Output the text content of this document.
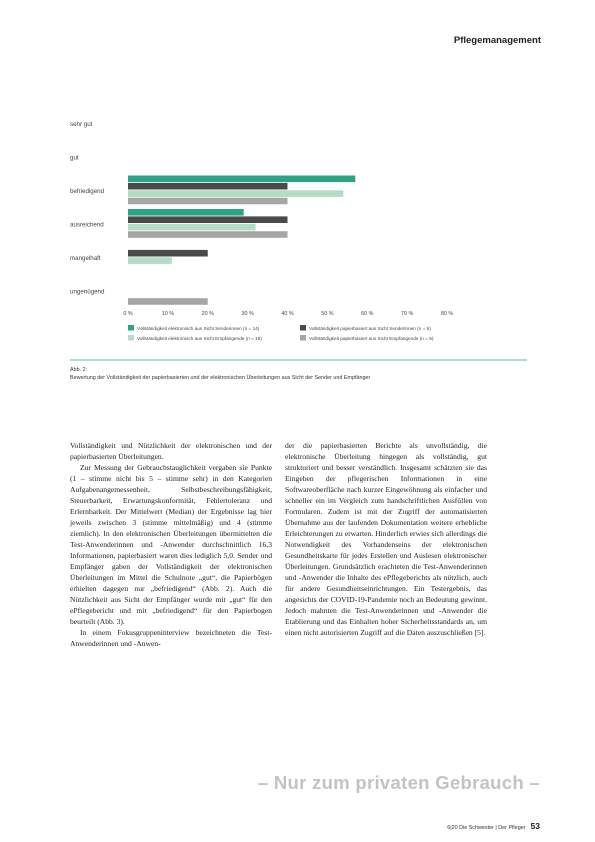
Pflegemanagement
sehr gut
gut
befriedigend
ausreichend
mangelhaft
ungenügend
0 %	10 %	20 %	30 %	40 %	50 %	60 %	70 %	80 %
Vollständigkeit elektronisch aus Sicht Senderinnen (n = 14)	Vollständigkeit papierbasiert aus Sicht Senderinnen (n = 5)
Vollständigkeit elektronisch aus Sicht Empfangende (n = 19)	Vollständigkeit papierbasiert aus Sicht Empfangende (n = 5)
Abb. 2:
Bewertung der Vollständigkeit der papierbasierten und der elektronischen Überleitungen aus Sicht der Sender und Empfänger

Vollständigkeit und Nützlichkeit der elektronischen und der papierbasierten Überleitungen.

Zur Messung der Gebrauchstauglichkeit vergaben sie Punkte (1 – stimme nicht bis 5 – stimme sehr) in den Kategorien Aufgabenangemessenheit, Selbstbeschreibungsfähigkeit, Steuerbarkeit, Erwartungskonformität, Fehlertoleranz und Erlernbarkeit. Der Mittelwert (Median) der Ergebnisse lag hier jeweils zwischen 3 (stimme mittelmäßig) und 4 (stimme ziemlich). In den elektronischen Überleitungen übermittelten die Test-Anwenderinnen und -Anwender durchschnittlich 16,3 Informationen, papierbasiert waren dies lediglich 5,0. Sender und Empfänger gaben der Vollständigkeit der elektronischen Überleitungen im Mittel die Schulnote „gut“, die Papierbögen erhielten dagegen nur „befriedigend“ (Abb. 2). Auch die Nützlichkeit aus Sicht der Empfänger wurde mit „gut“ für den ePflegebericht und mit „befriedigend“ für den Papierbogen beurteilt (Abb. 3).

In einem Fokusgruppeninterview bezeichneten die Test-Anwenderinnen und -Anwen-

der die papierbasierten Berichte als unvollständig, die elektronische Überleitung hingegen als vollständig, gut strukturiert und besser verständlich. Insgesamt schätzten sie das Eingeben der pflegerischen Informationen in eine Softwareoberfläche nach kurzer Eingewöhnung als einfacher und schneller ein im Vergleich zum handschriftlichen Ausfüllen von Formularen. Zudem ist mit der Zugriff der automatisierten Übernahme aus der laufenden Dokumentation weitere erhebliche Erleichterungen zu erwarten. Hinderlich erwies sich allerdings die Notwendigkeit des Vorhandenseins der elektronischen Gesundheitskarte für jedes Erstellen und Auslesen elektronischer Überleitungen. Grundsätzlich erachteten die Test-Anwenderinnen und -Anwender die Inhalte des ePflegeberichts als nützlich, auch für andere Gesundheitseinrichtungen. Ein Testergebnis, das angesichts der COVID-19-Pandemie noch an Bedeutung gewinnt. Jedoch mahnten die Test-Anwenderinnen und -Anwender die Etablierung und das Einhalten hoher Sicherheitsstandards an, um einen nicht autorisierten Zugriff auf die Daten auszuschließen [5].

– Nur zum privaten Gebrauch –
6|20 Die Schwester | Der Pfleger 53
